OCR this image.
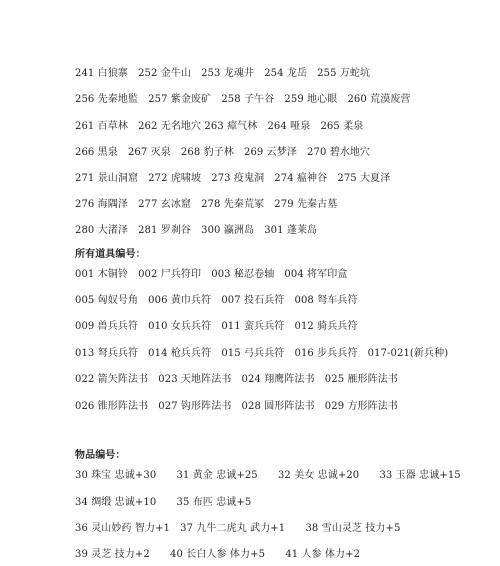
241 白狼寨　252 金牛山　253 龙魂井　254 龙岳　255 万蛇坑
256 先秦地監　257 紫金废矿　258 子午谷　259 地心眼　260 荒漠废营
261 百草林　262 无名地穴 263 瘴气林　264 哑泉　265 柔泉
266 黑泉　267 灭泉　268 豹子林　269 云梦泽　270 碧水地穴
271 景山洞窟　272 虎啸坡　273 疫鬼洞　274 瘟神谷　275 大夏泽
276 海隅泽　277 玄冰窟　278 先秦荒冢　279 先秦古墓
280 大渚泽　281 罗刹谷　300 瀛洲岛　301 蓬莱岛
所有道具编号：
001 木铜铃　002 尸兵符印　003 秘忍卷轴　004 将军印盒
005 匈奴号角　006 黄巾兵符　007 投石兵符　008 弩车兵符
009 兽兵兵符　010 女兵兵符　011 蛮兵兵符　012 骑兵兵符
013 弩兵兵符　014 枪兵兵符　015 弓兵兵符　016 步兵兵符　017-021(新兵种)
022 箭矢阵法书　023 天地阵法书　024 翔鹰阵法书　025 雁形阵法书
026 锥形阵法书　027 钩形阵法书　028 圆形阵法书　029 方形阵法书
物品编号：
30 珠宝 忠诚+30　　31 黄金 忠诚+25　　32 美女 忠诚+20　　33 玉器 忠诚+15
34 绸缎 忠诚+10　　35 布匹 忠诚+5
36 灵山妙药 智力+1　37 九牛二虎丸 武力+1　　38 雪山灵芝 技力+5
39 灵芝 技力+2　　40 长白人参 体力+5　　41 人参 体力+2
